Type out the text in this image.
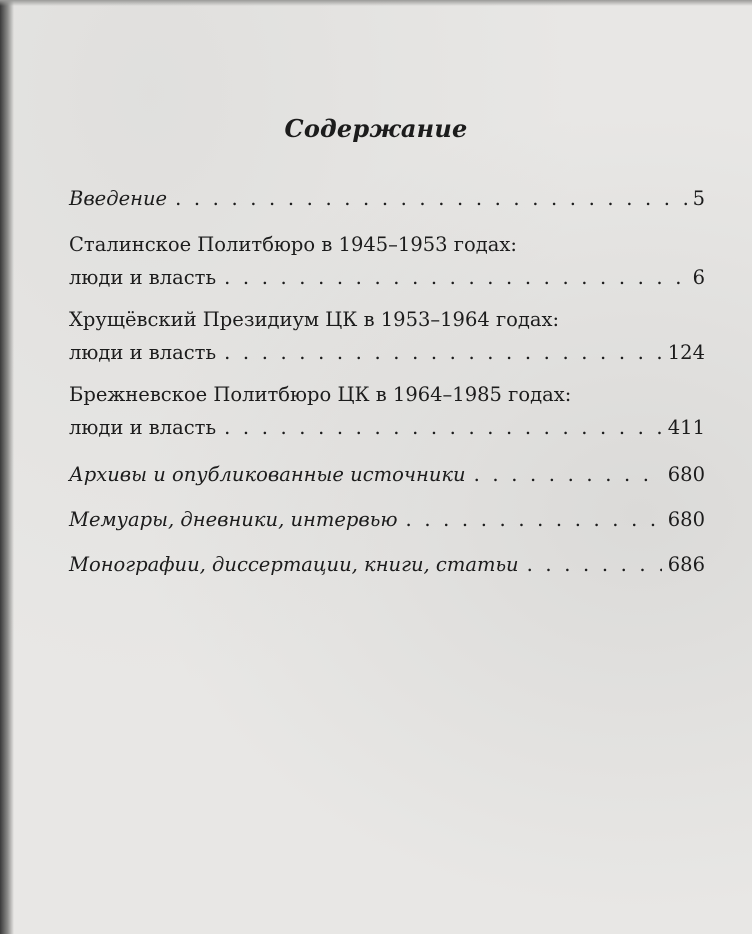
Содержание
Введение . . .	5
Сталинское Политбюро в 1945–1953 годах:
люди и власть . . .	6
Хрущёвский Президиум ЦК в 1953–1964 годах:
люди и власть . . .	124
Брежневское Политбюро ЦК в 1964–1985 годах:
люди и власть . . .	411
Архивы и опубликованные источники . . .	680
Мемуары, дневники, интервью . . .	680
Монографии, диссертации, книги, статьи . . .	686
